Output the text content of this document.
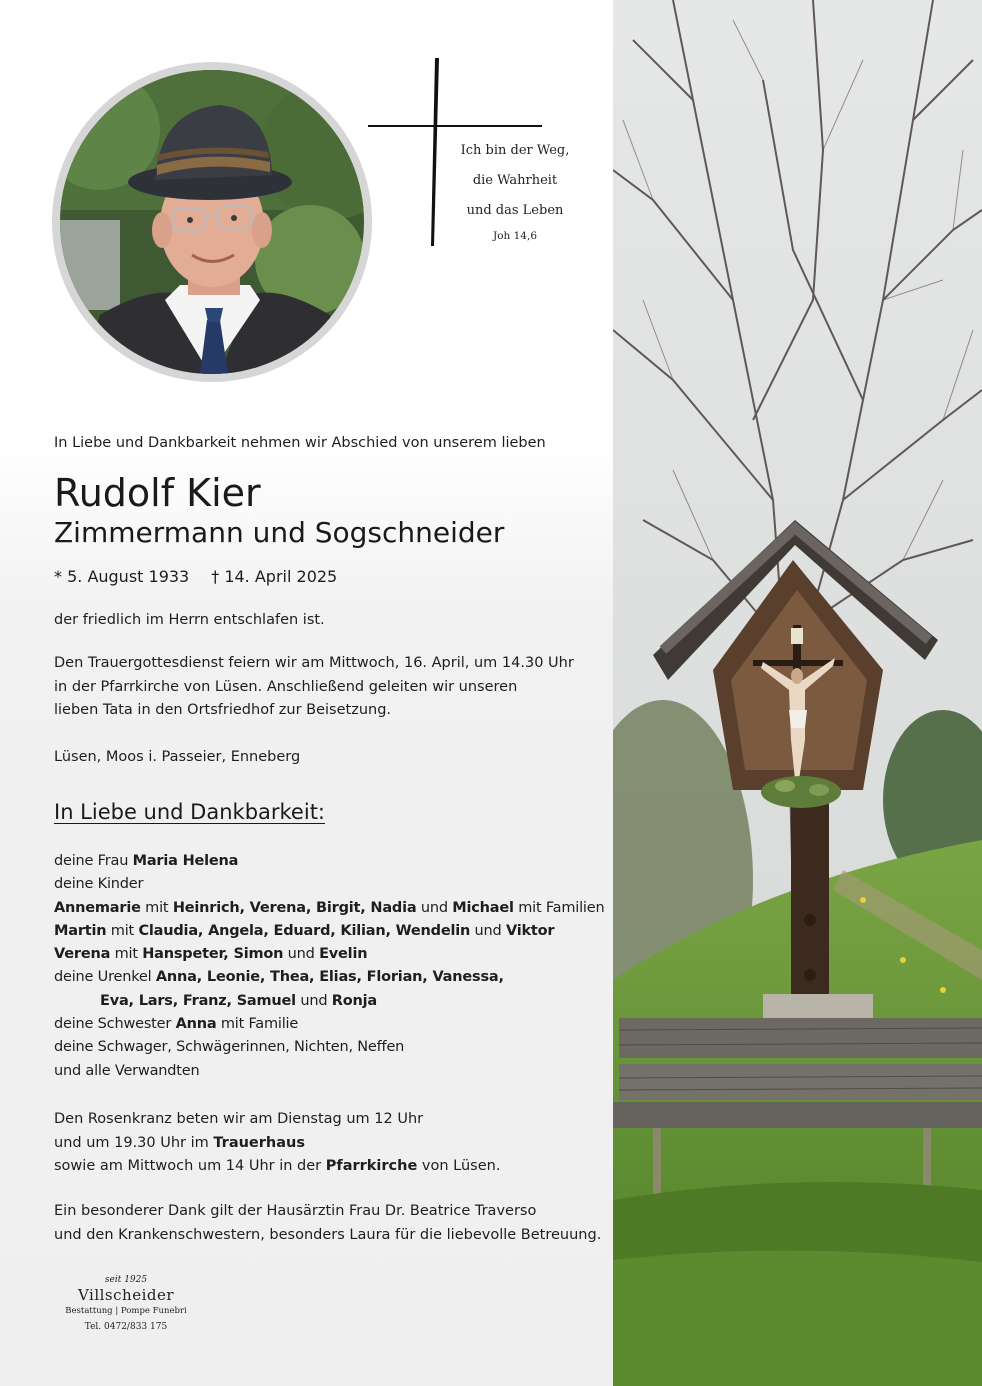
Ich bin der Weg,
die Wahrheit
und das Leben
Joh 14,6
In Liebe und Dankbarkeit nehmen wir Abschied von unserem lieben
Rudolf Kier
Zimmermann und Sogschneider
* 5. August 1933 † 14. April 2025
der friedlich im Herrn entschlafen ist.
Den Trauergottesdienst feiern wir am Mittwoch, 16. April, um 14.30 Uhr
in der Pfarrkirche von Lüsen. Anschließend geleiten wir unseren
lieben Tata in den Ortsfriedhof zur Beisetzung.
Lüsen, Moos i. Passeier, Enneberg
In Liebe und Dankbarkeit:

deine Frau Maria Helena

deine Kinder

Annemarie mit Heinrich, Verena, Birgit, Nadia und Michael mit Familien

Martin mit Claudia, Angela, Eduard, Kilian, Wendelin und Viktor

Verena mit Hanspeter, Simon und Evelin

deine Urenkel Anna, Leonie, Thea, Elias, Florian, Vanessa,

Eva, Lars, Franz, Samuel und Ronja

deine Schwester Anna mit Familie

deine Schwager, Schwägerinnen, Nichten, Neffen

und alle Verwandten

Den Rosenkranz beten wir am Dienstag um 12 Uhr
und um 19.30 Uhr im Trauerhaus
sowie am Mittwoch um 14 Uhr in der Pfarrkirche von Lüsen.
Ein besonderer Dank gilt der Hausärztin Frau Dr. Beatrice Traverso
und den Krankenschwestern, besonders Laura für die liebevolle Betreuung.
seit 1925
Villscheider
Bestattung | Pompe Funebri
Tel. 0472/833 175
